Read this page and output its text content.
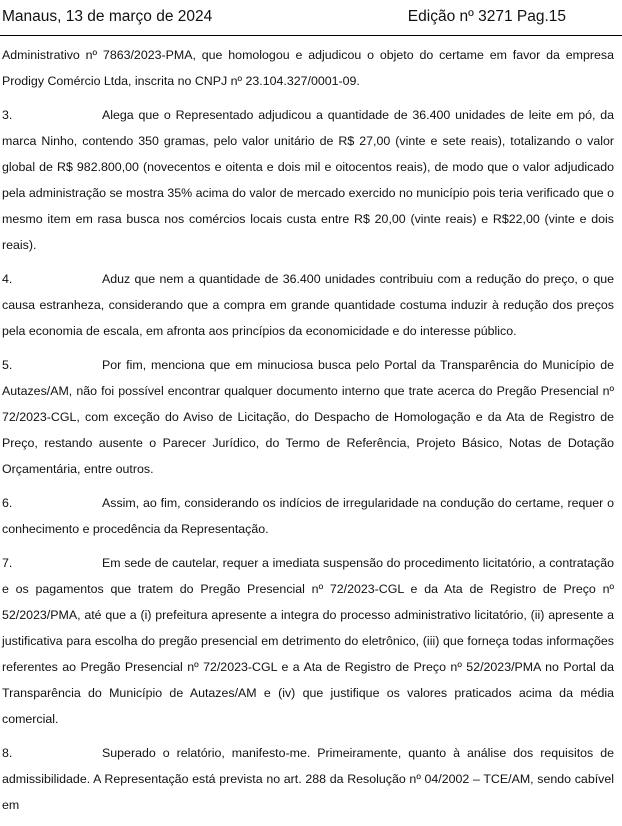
Manaus, 13 de março de 2024	Edição nº 3271 Pag.15

Administrativo nº 7863/2023-PMA, que homologou e adjudicou o objeto do certame em favor da empresa Prodigy Comércio Ltda, inscrita no CNPJ nº 23.104.327/0001-09.

3.	Alega que o Representado adjudicou a quantidade de 36.400 unidades de leite em pó, da marca Ninho, contendo 350 gramas, pelo valor unitário de R$ 27,00 (vinte e sete reais), totalizando o valor global de R$ 982.800,00 (novecentos e oitenta e dois mil e oitocentos reais), de modo que o valor adjudicado pela administração se mostra 35% acima do valor de mercado exercido no município pois teria verificado que o mesmo item em rasa busca nos comércios locais custa entre R$ 20,00 (vinte reais) e R$22,00 (vinte e dois reais).

4.	Aduz que nem a quantidade de 36.400 unidades contribuiu com a redução do preço, o que causa estranheza, considerando que a compra em grande quantidade costuma induzir à redução dos preços pela economia de escala, em afronta aos princípios da economicidade e do interesse público.

5.	Por fim, menciona que em minuciosa busca pelo Portal da Transparência do Município de Autazes/AM, não foi possível encontrar qualquer documento interno que trate acerca do Pregão Presencial nº 72/2023-CGL, com exceção do Aviso de Licitação, do Despacho de Homologação e da Ata de Registro de Preço, restando ausente o Parecer Jurídico, do Termo de Referência, Projeto Básico, Notas de Dotação Orçamentária, entre outros.

6.	Assim, ao fim, considerando os indícios de irregularidade na condução do certame, requer o conhecimento e procedência da Representação.

7.	Em sede de cautelar, requer a imediata suspensão do procedimento licitatório, a contratação e os pagamentos que tratem do Pregão Presencial nº 72/2023-CGL e da Ata de Registro de Preço nº 52/2023/PMA, até que a (i) prefeitura apresente a integra do processo administrativo licitatório, (ii) apresente a justificativa para escolha do pregão presencial em detrimento do eletrônico, (iii) que forneça todas informações referentes ao Pregão Presencial nº 72/2023-CGL e a Ata de Registro de Preço nº 52/2023/PMA no Portal da Transparência do Município de Autazes/AM e (iv) que justifique os valores praticados acima da média comercial.

8.	Superado o relatório, manifesto-me. Primeiramente, quanto à análise dos requisitos de admissibilidade. A Representação está prevista no art. 288 da Resolução nº 04/2002 – TCE/AM, sendo cabível em
